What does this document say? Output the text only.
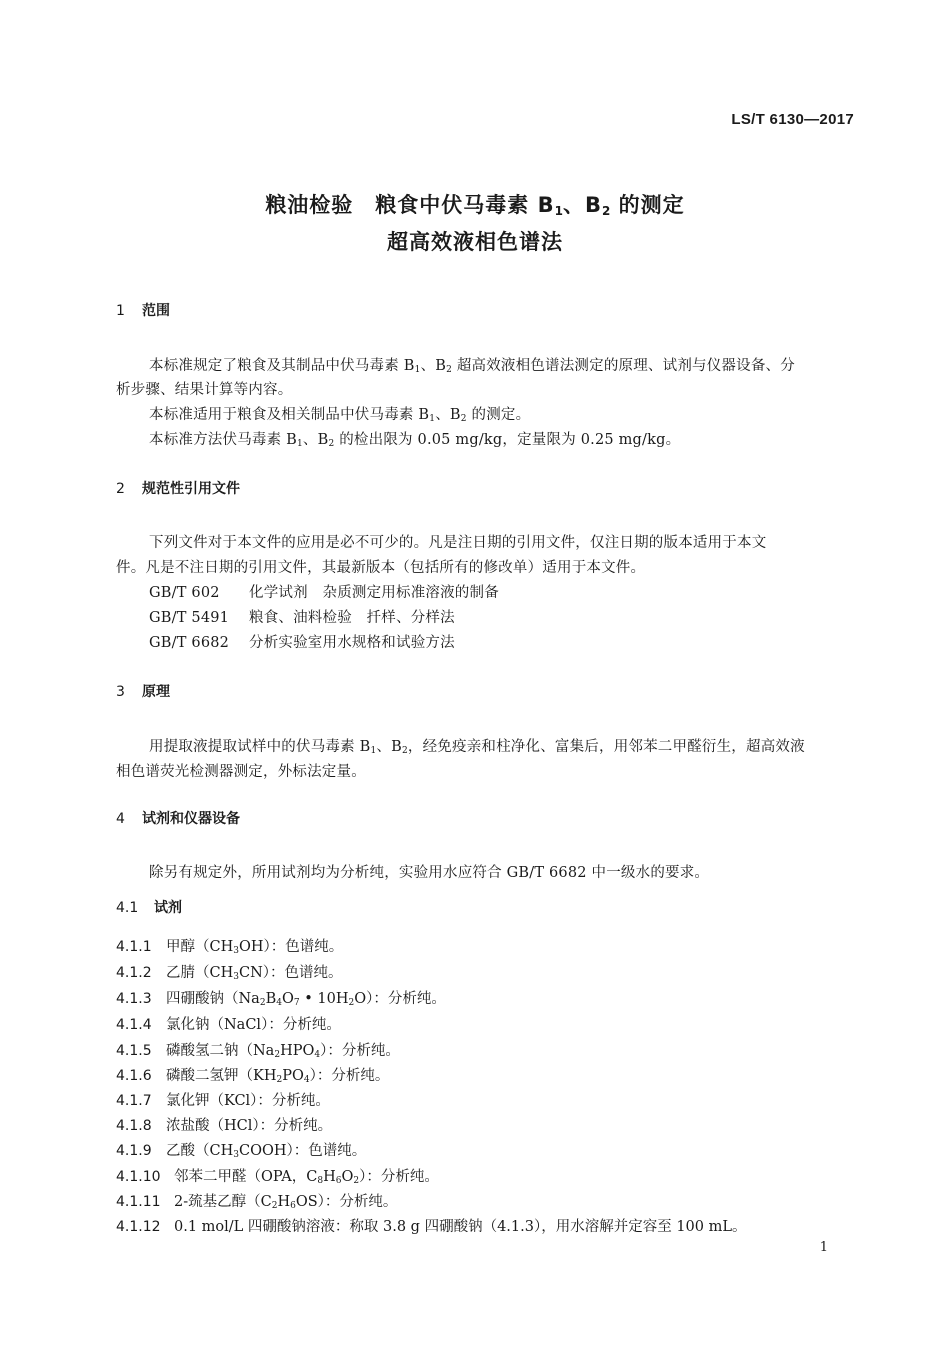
LS/T 6130—2017
粮油检验　粮食中伏马毒素 $B_1$、$B_2$ 的测定
超高效液相色谱法
1 范围
本标准规定了粮食及其制品中伏马毒素 $B_1$、$B_2$ 超高效液相色谱法测定的原理、试剂与仪器设备、分
析步骤、结果计算等内容。
本标准适用于粮食及相关制品中伏马毒素 $B_1$、$B_2$ 的测定。
本标准方法伏马毒素 $B_1$、$B_2$ 的检出限为 0.05 mg/kg，定量限为 0.25 mg/kg。
2 规范性引用文件
下列文件对于本文件的应用是必不可少的。凡是注日期的引用文件，仅注日期的版本适用于本文
件。凡是不注日期的引用文件，其最新版本（包括所有的修改单）适用于本文件。
GB/T 602 化学试剂　杂质测定用标准溶液的制备
GB/T 5491 粮食、油料检验　扦样、分样法
GB/T 6682 分析实验室用水规格和试验方法
3 原理
用提取液提取试样中的伏马毒素 $B_1$、$B_2$，经免疫亲和柱净化、富集后，用邻苯二甲醛衍生，超高效液
相色谱荧光检测器测定，外标法定量。
4 试剂和仪器设备
除另有规定外，所用试剂均为分析纯，实验用水应符合 GB/T 6682 中一级水的要求。
4.1 试剂
4.1.1 甲醇$(CH_3OH)$：色谱纯。
4.1.2 乙腈$(CH_3CN)$：色谱纯。
4.1.3 四硼酸钠（$Na_2B_4O_7$ • $10H_2O$）：分析纯。
4.1.4 氯化钠（NaCl）：分析纯。
4.1.5 磷酸氢二钠$(Na_2HPO_4)$：分析纯。
4.1.6 磷酸二氢钾$(KH_2PO_4)$：分析纯。
4.1.7 氯化钾（KCl）：分析纯。
4.1.8 浓盐酸（HCl）：分析纯。
4.1.9 乙酸$(CH_3COOH)$：色谱纯。
4.1.10 邻苯二甲醛（OPA，$C_8H_6O_2$）：分析纯。
4.1.11 2-巯基乙醇$(C_2H_6OS)$：分析纯。
4.1.12 0.1 mol/L 四硼酸钠溶液：称取 3.8 g 四硼酸钠（4.1.3），用水溶解并定容至 100 mL。
1
